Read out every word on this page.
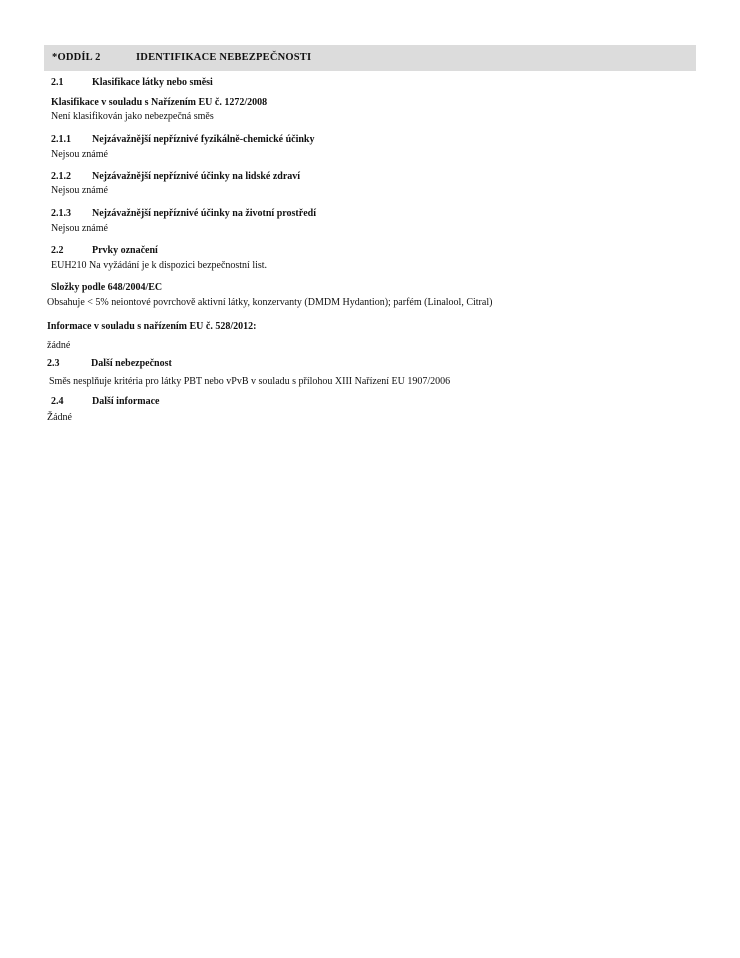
*ODDÍL 2	IDENTIFIKACE NEBEZPEČNOSTI
2.1	Klasifikace látky nebo směsi
Klasifikace v souladu s Nařízením EU č. 1272/2008
Není klasifikován jako nebezpečná směs
2.1.1 Nejzávažnější nepříznivé fyzikálně-chemické účinky
Nejsou známé
2.1.2 Nejzávažnější nepříznivé účinky na lidské zdraví
Nejsou známé
2.1.3 Nejzávažnější nepříznivé účinky na životní prostředí
Nejsou známé
2.2	Prvky označení
EUH210 Na vyžádání je k dispozici bezpečnostní list.
Složky podle 648/2004/EC
Obsahuje < 5% neiontové povrchově aktivní látky, konzervanty (DMDM Hydantion); parfém (Linalool, Citral)
Informace v souladu s nařízením EU č. 528/2012:
žádné
2.3	Další nebezpečnost
Směs nesplňuje kritéria pro látky PBT nebo vPvB v souladu s přílohou XIII Nařízení EU 1907/2006
2.4	Další informace
Žádné
